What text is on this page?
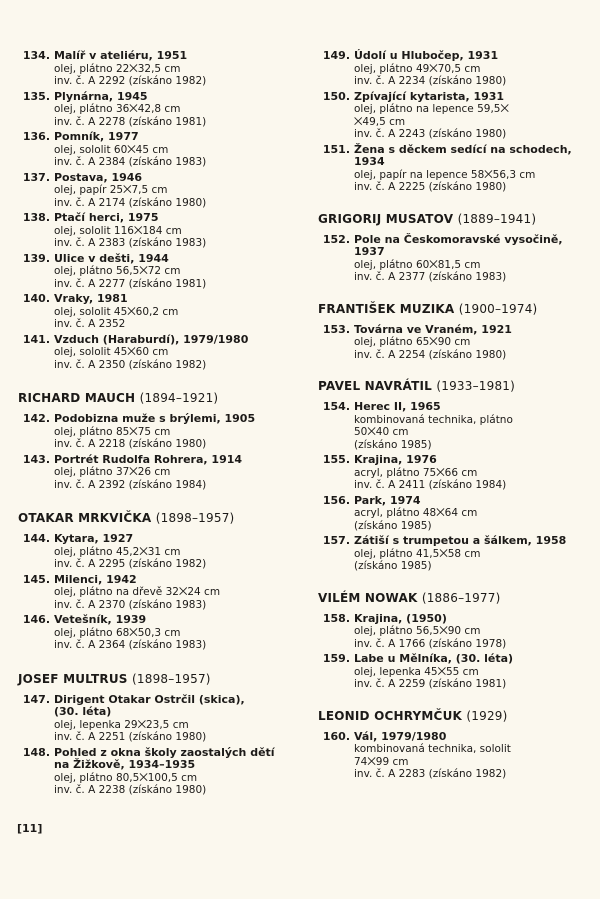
134. Malíř v ateliéru, 1951
olej, plátno 22⨉32,5 cm
inv. č. A 2292 (získáno 1982)
135. Plynárna, 1945
olej, plátno 36⨉42,8 cm
inv. č. A 2278 (získáno 1981)
136. Pomník, 1977
olej, sololit 60⨉45 cm
inv. č. A 2384 (získáno 1983)
137. Postava, 1946
olej, papír 25⨉7,5 cm
inv. č. A 2174 (získáno 1980)
138. Ptačí herci, 1975
olej, sololit 116⨉184 cm
inv. č. A 2383 (získáno 1983)
139. Ulice v dešti, 1944
olej, plátno 56,5⨉72 cm
inv. č. A 2277 (získáno 1981)
140. Vraky, 1981
olej, sololit 45⨉60,2 cm
inv. č. A 2352
141. Vzduch (Haraburdí), 1979/1980
olej, sololit 45⨉60 cm
inv. č. A 2350 (získáno 1982)
RICHARD MAUCH (1894–1921)
142. Podobizna muže s brýlemi, 1905
olej, plátno 85⨉75 cm
inv. č. A 2218 (získáno 1980)
143. Portrét Rudolfa Rohrera, 1914
olej, plátno 37⨉26 cm
inv. č. A 2392 (získáno 1984)
OTAKAR MRKVIČKA (1898–1957)
144. Kytara, 1927
olej, plátno 45,2⨉31 cm
inv. č. A 2295 (získáno 1982)
145. Milenci, 1942
olej, plátno na dřevě 32⨉24 cm
inv. č. A 2370 (získáno 1983)
146. Vetešník, 1939
olej, plátno 68⨉50,3 cm
inv. č. A 2364 (získáno 1983)
JOSEF MULTRUS (1898–1957)
147. Dirigent Otakar Ostrčil (skica),
(30. léta)
olej, lepenka 29⨉23,5 cm
inv. č. A 2251 (získáno 1980)
148. Pohled z okna školy zaostalých dětí
na Žižkově, 1934–1935
olej, plátno 80,5⨉100,5 cm
inv. č. A 2238 (získáno 1980)
149. Údolí u Hlubočep, 1931
olej, plátno 49⨉70,5 cm
inv. č. A 2234 (získáno 1980)
150. Zpívající kytarista, 1931
olej, plátno na lepence 59,5⨉
⨉49,5 cm
inv. č. A 2243 (získáno 1980)
151. Žena s děckem sedící na schodech,
1934
olej, papír na lepence 58⨉56,3 cm
inv. č. A 2225 (získáno 1980)
GRIGORIJ MUSATOV (1889–1941)
152. Pole na Českomoravské vysočině,
1937
olej, plátno 60⨉81,5 cm
inv. č. A 2377 (získáno 1983)
FRANTIŠEK MUZIKA (1900–1974)
153. Továrna ve Vraném, 1921
olej, plátno 65⨉90 cm
inv. č. A 2254 (získáno 1980)
PAVEL NAVRÁTIL (1933–1981)
154. Herec II, 1965
kombinovaná technika, plátno
50⨉40 cm
(získáno 1985)
155. Krajina, 1976
acryl, plátno 75⨉66 cm
inv. č. A 2411 (získáno 1984)
156. Park, 1974
acryl, plátno 48⨉64 cm
(získáno 1985)
157. Zátiší s trumpetou a šálkem, 1958
olej, plátno 41,5⨉58 cm
(získáno 1985)
VILÉM NOWAK (1886–1977)
158. Krajina, (1950)
olej, plátno 56,5⨉90 cm
inv. č. A 1766 (získáno 1978)
159. Labe u Mělníka, (30. léta)
olej, lepenka 45⨉55 cm
inv. č. A 2259 (získáno 1981)
LEONID OCHRYMČUK (1929)
160. Vál, 1979/1980
kombinovaná technika, sololit
74⨉99 cm
inv. č. A 2283 (získáno 1982)
[11]
